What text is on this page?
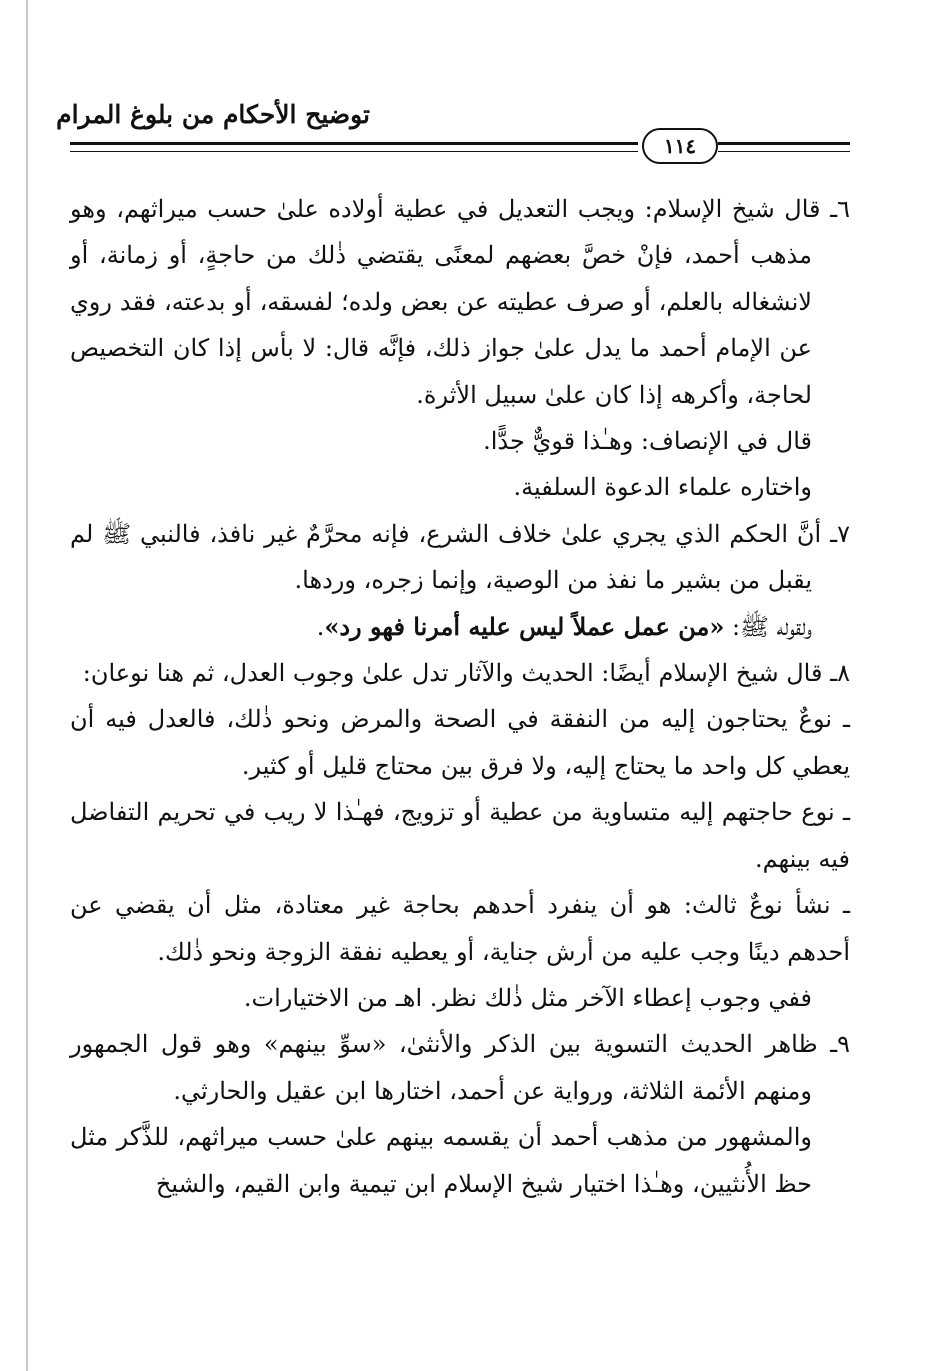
توضيح الأحكام من بلوغ المرام
١١٤

٦ـ قال شيخ الإسلام: ويجب التعديل في عطية أولاده علىٰ حسب ميراثهم، وهو مذهب أحمد، فإنْ خصَّ بعضهم لمعنًى يقتضي ذٰلك من حاجةٍ، أو زمانة، أو لانشغاله بالعلم، أو صرف عطيته عن بعض ولده؛ لفسقه، أو بدعته، فقد روي عن الإمام أحمد ما يدل علىٰ جواز ذلك، فإنَّه قال: لا بأس إذا كان التخصيص لحاجة، وأكرهه إذا كان علىٰ سبيل الأثرة.

قال في الإنصاف: وهـٰذا قويٌّ جدًّا.

واختاره علماء الدعوة السلفية.

٧ـ أنَّ الحكم الذي يجري علىٰ خلاف الشرع، فإنه محرَّمٌ غير نافذ، فالنبي ﷺ لم يقبل من بشير ما نفذ من الوصية، وإنما زجره، وردها.

ولقوله ﷺ: «من عمل عملاً ليس عليه أمرنا فهو رد».

٨ـ قال شيخ الإسلام أيضًا: الحديث والآثار تدل علىٰ وجوب العدل، ثم هنا نوعان:

ـ نوعٌ يحتاجون إليه من النفقة في الصحة والمرض ونحو ذٰلك، فالعدل فيه أن يعطي كل واحد ما يحتاج إليه، ولا فرق بين محتاج قليل أو كثير.

ـ نوع حاجتهم إليه متساوية من عطية أو تزويج، فهـٰذا لا ريب في تحريم التفاضل فيه بينهم.

ـ نشأ نوعٌ ثالث: هو أن ينفرد أحدهم بحاجة غير معتادة، مثل أن يقضي عن أحدهم دينًا وجب عليه من أرش جناية، أو يعطيه نفقة الزوجة ونحو ذٰلك.

ففي وجوب إعطاء الآخر مثل ذٰلك نظر. اهـ من الاختيارات.

٩ـ ظاهر الحديث التسوية بين الذكر والأنثىٰ، «سوِّ بينهم» وهو قول الجمهور ومنهم الأئمة الثلاثة، ورواية عن أحمد، اختارها ابن عقيل والحارثي.

والمشهور من مذهب أحمد أن يقسمه بينهم علىٰ حسب ميراثهم، للذَّكر مثل حظ الأُنثيين، وهـٰذا اختيار شيخ الإسلام ابن تيمية وابن القيم، والشيخ
